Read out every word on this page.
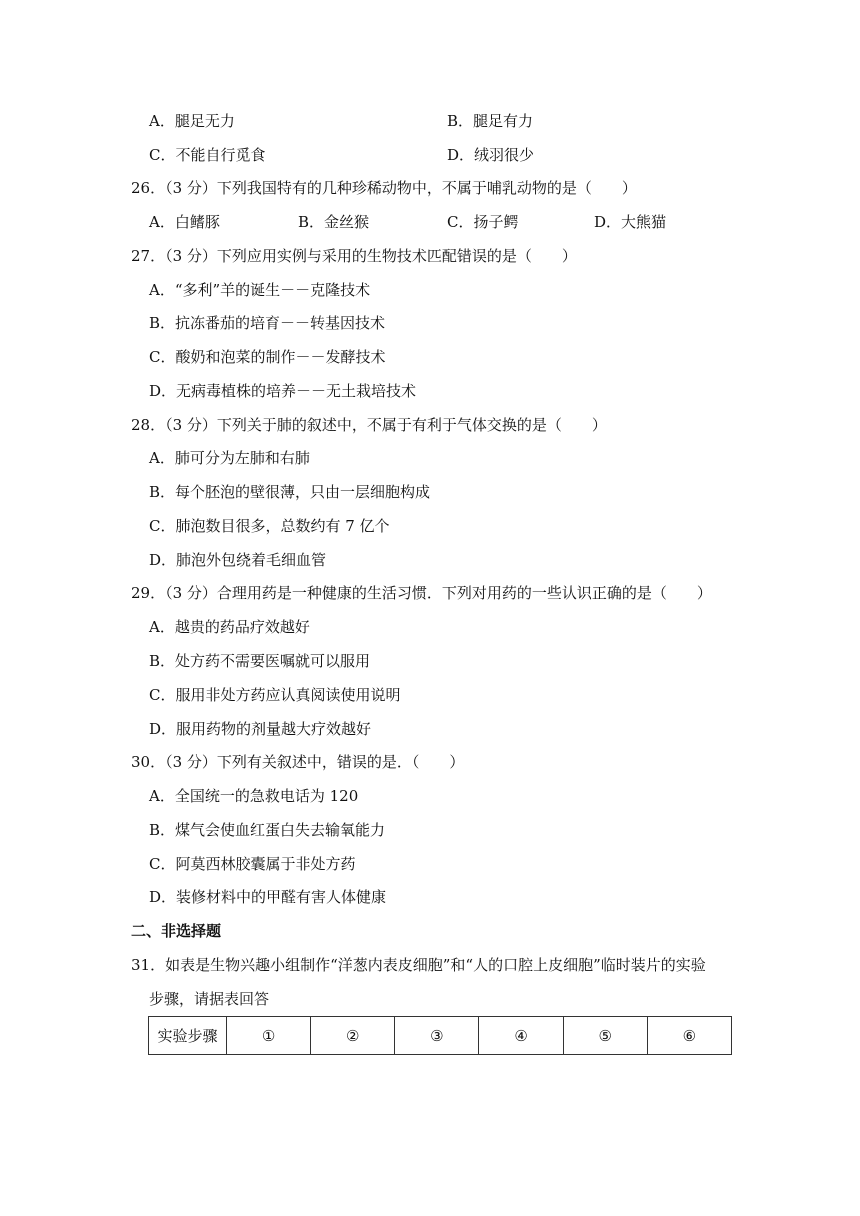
A．腿足无力	B．腿足有力
C．不能自行觅食	D．绒羽很少
26．（3 分）下列我国特有的几种珍稀动物中，不属于哺乳动物的是（　　）
A．白鳍豚	B．金丝猴	C．扬子鳄	D．大熊猫
27．（3 分）下列应用实例与采用的生物技术匹配错误的是（　　）
A．“多利”羊的诞生－－克隆技术
B．抗冻番茄的培育－－转基因技术
C．酸奶和泡菜的制作－－发酵技术
D．无病毒植株的培养－－无土栽培技术
28．（3 分）下列关于肺的叙述中，不属于有利于气体交换的是（　　）
A．肺可分为左肺和右肺
B．每个胚泡的壁很薄，只由一层细胞构成
C．肺泡数目很多，总数约有 7 亿个
D．肺泡外包绕着毛细血管
29．（3 分）合理用药是一种健康的生活习惯．下列对用药的一些认识正确的是（　　）
A．越贵的药品疗效越好
B．处方药不需要医嘱就可以服用
C．服用非处方药应认真阅读使用说明
D．服用药物的剂量越大疗效越好
30．（3 分）下列有关叙述中，错误的是．（　　）
A．全国统一的急救电话为 120
B．煤气会使血红蛋白失去输氧能力
C．阿莫西林胶囊属于非处方药
D．装修材料中的甲醛有害人体健康
二、非选择题
31．如表是生物兴趣小组制作“洋葱内表皮细胞”和“人的口腔上皮细胞”临时装片的实验
步骤，请据表回答
实验步骤	①	②	③	④	⑤	⑥
